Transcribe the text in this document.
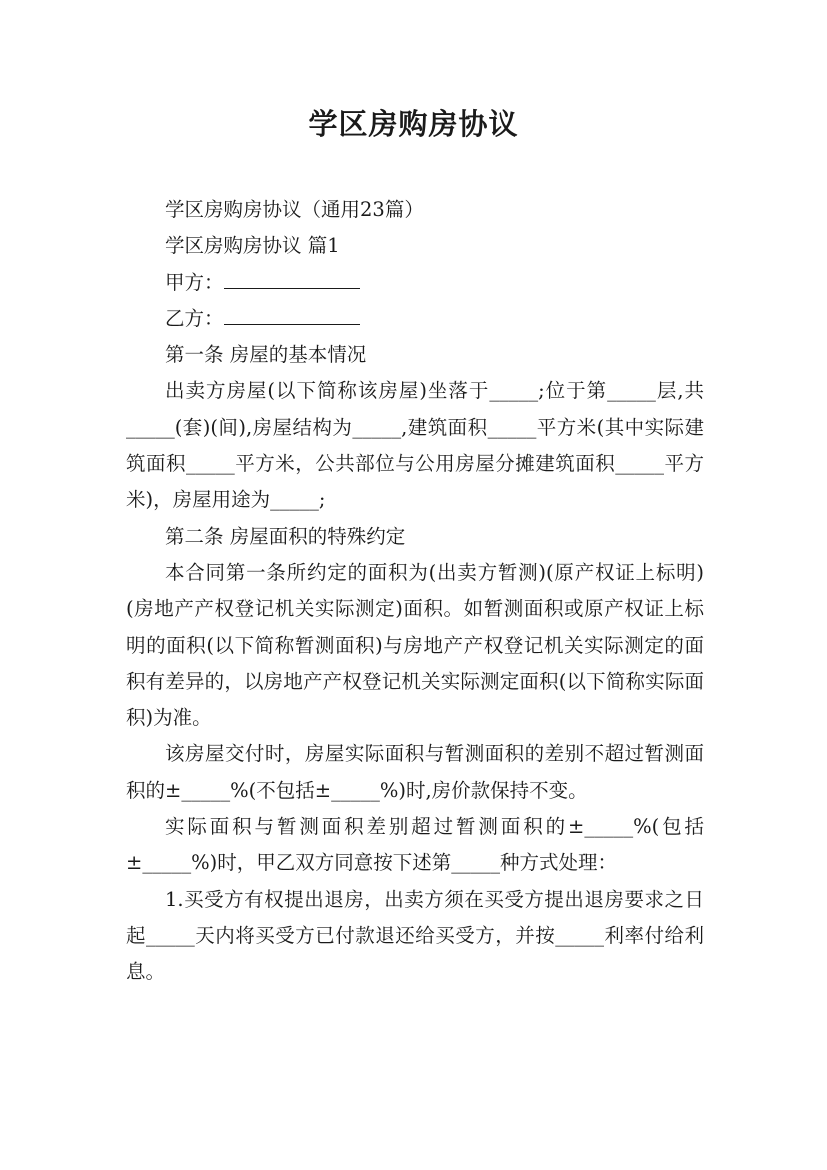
学区房购房协议

学区房购房协议（通用23篇）

学区房购房协议 篇1

甲方：

乙方：

第一条 房屋的基本情况

出卖方房屋(以下简称该房屋)坐落于_____;位于第_____层,共_____(套)(间),房屋结构为_____,建筑面积_____平方米(其中实际建筑面积_____平方米，公共部位与公用房屋分摊建筑面积_____平方米)，房屋用途为_____;

第二条 房屋面积的特殊约定

本合同第一条所约定的面积为(出卖方暂测)(原产权证上标明)(房地产产权登记机关实际测定)面积。如暂测面积或原产权证上标明的面积(以下简称暂测面积)与房地产产权登记机关实际测定的面积有差异的，以房地产产权登记机关实际测定面积(以下简称实际面积)为准。

该房屋交付时，房屋实际面积与暂测面积的差别不超过暂测面积的±_____%(不包括±_____%)时,房价款保持不变。

实际面积与暂测面积差别超过暂测面积的±_____%(包括±_____%)时，甲乙双方同意按下述第_____种方式处理：

1.买受方有权提出退房，出卖方须在买受方提出退房要求之日起_____天内将买受方已付款退还给买受方，并按_____利率付给利息。
